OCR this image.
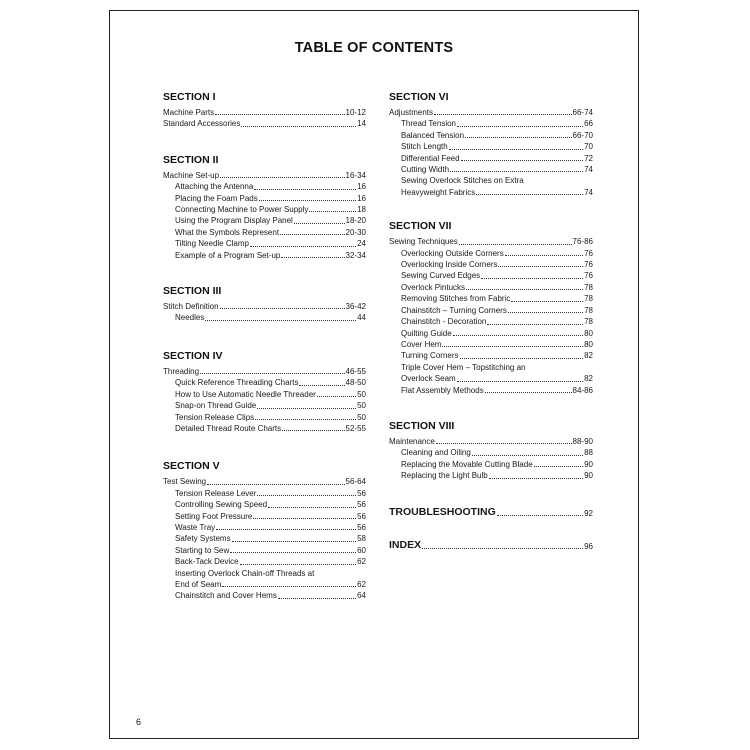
TABLE OF CONTENTS
SECTION I
Machine Parts	10-12
Standard Accessories	14
SECTION II
Machine Set-up	16-34
Attaching the Antenna	16
Placing the Foam Pads	16
Connecting Machine to Power Supply	18
Using the Program Display Panel	18-20
What the Symbols Represent	20-30
Tilting Needle Clamp	24
Example of a Program Set-up	32-34
SECTION III
Stitch Definition	36-42
Needles	44
SECTION IV
Threading	46-55
Quick Reference Threading Charts	48-50
How to Use Automatic Needle Threader	50
Snap-on Thread Guide	50
Tension Release Clips	50
Detailed Thread Route Charts	52-55
SECTION V
Test Sewing	56-64
Tension Release Lever	56
Controlling Sewing Speed	56
Setting Foot Pressure	56
Waste Tray	56
Safety Systems	58
Starting to Sew	60
Back-Tack Device	62
Inserting Overlock Chain-off Threads at
End of Seam	62
Chainstitch and Cover Hems	64
SECTION VI
Adjustments	66-74
Thread Tension	66
Balanced Tension	66-70
Stitch Length	70
Differential Feed	72
Cutting Width	74
Sewing Overlock Stitches on Extra
Heavyweight Fabrics	74
SECTION VII
Sewing Techniques	76-86
Overlocking Outside Corners	76
Overlocking Inside Corners	76
Sewing Curved Edges	76
Overlock Pintucks	78
Removing Stitches from Fabric	78
Chainstitch – Turning Corners	78
Chainstitch - Decoration	78
Quilting Guide	80
Cover Hem	80
Turning Corners	82
Triple Cover Hem – Topstitching an
Overlock Seam	82
Flat Assembly Methods	84-86
SECTION VIII
Maintenance	88-90
Cleaning and Oiling	88
Replacing the Movable Cutting Blade	90
Replacing the Light Bulb	90
TROUBLESHOOTING	92
INDEX	96
6
